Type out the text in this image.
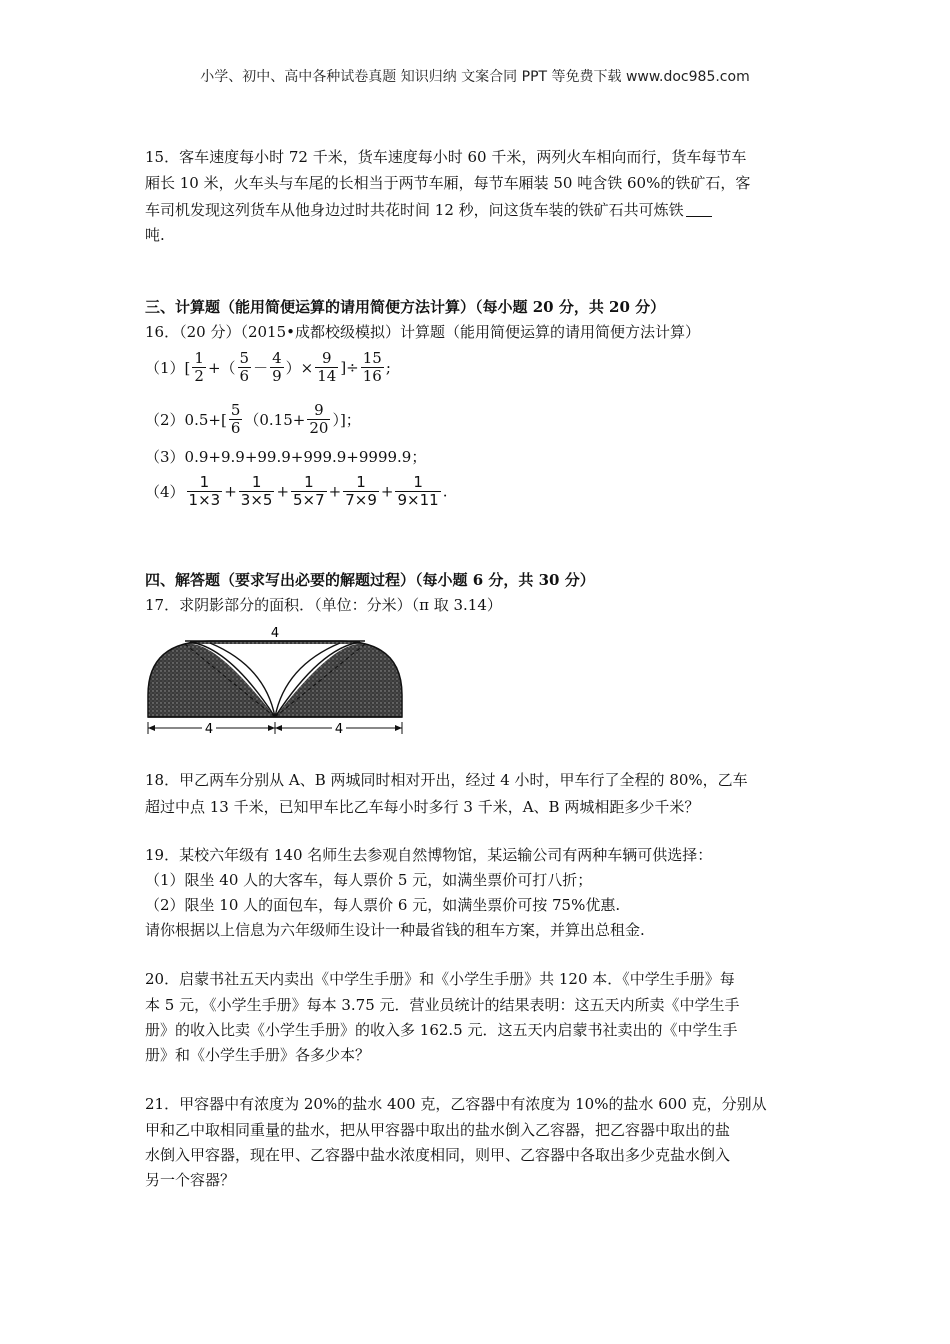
小学、初中、高中各种试卷真题 知识归纳 文案合同 PPT 等免费下载 www.doc985.com
15．客车速度每小时 72 千米，货车速度每小时 60 千米，两列火车相向而行，货车每节车
厢长 10 米，火车头与车尾的长相当于两节车厢，每节车厢装 50 吨含铁 60%的铁矿石，客
车司机发现这列货车从他身边过时共花时间 12 秒，问这货车装的铁矿石共可炼铁
吨.
三、计算题（能用简便运算的请用简便方法计算）（每小题 20 分，共 20 分）
16．（20 分）（2015•成都校级模拟）计算题（能用简便运算的请用简便方法计算）
$(1)[ \frac{1}{2}$ +（ $\frac{5}{6} - \frac{4}{9}$ ）× $\frac{9}{14}$ ]÷ $\frac{15}{16}$ ;
$(2)0.5+[ \frac{5}{6} (0.15+ \frac{9}{20}$ ）]；
（3）0.9+9.9+99.9+999.9+9999.9；
$(4) \frac{1}{1\times 3} + \frac{1}{3\times 5} + \frac{1}{5\times 7} + \frac{1}{7\times 9} + \frac{1}{9\times 11}$ .
四、解答题（要求写出必要的解题过程）（每小题 6 分，共 30 分）
17．求阴影部分的面积．（单位：分米）（π 取 3.14）
4
4	4
18．甲乙两车分别从 A、B 两城同时相对开出，经过 4 小时，甲车行了全程的 80%，乙车
超过中点 13 千米，已知甲车比乙车每小时多行 3 千米，A、B 两城相距多少千米？
19．某校六年级有 140 名师生去参观自然博物馆，某运输公司有两种车辆可供选择：
（1）限坐 40 人的大客车，每人票价 5 元，如满坐票价可打八折；
（2）限坐 10 人的面包车，每人票价 6 元，如满坐票价可按 75%优惠.
请你根据以上信息为六年级师生设计一种最省钱的租车方案，并算出总租金.
20．启蒙书社五天内卖出《中学生手册》和《小学生手册》共 120 本．《中学生手册》每
本 5 元，《小学生手册》每本 3.75 元．营业员统计的结果表明：这五天内所卖《中学生手
册》的收入比卖《小学生手册》的收入多 162.5 元．这五天内启蒙书社卖出的《中学生手
册》和《小学生手册》各多少本？
21．甲容器中有浓度为 20%的盐水 400 克，乙容器中有浓度为 10%的盐水 600 克，分别从
甲和乙中取相同重量的盐水，把从甲容器中取出的盐水倒入乙容器，把乙容器中取出的盐
水倒入甲容器，现在甲、乙容器中盐水浓度相同，则甲、乙容器中各取出多少克盐水倒入
另一个容器？
